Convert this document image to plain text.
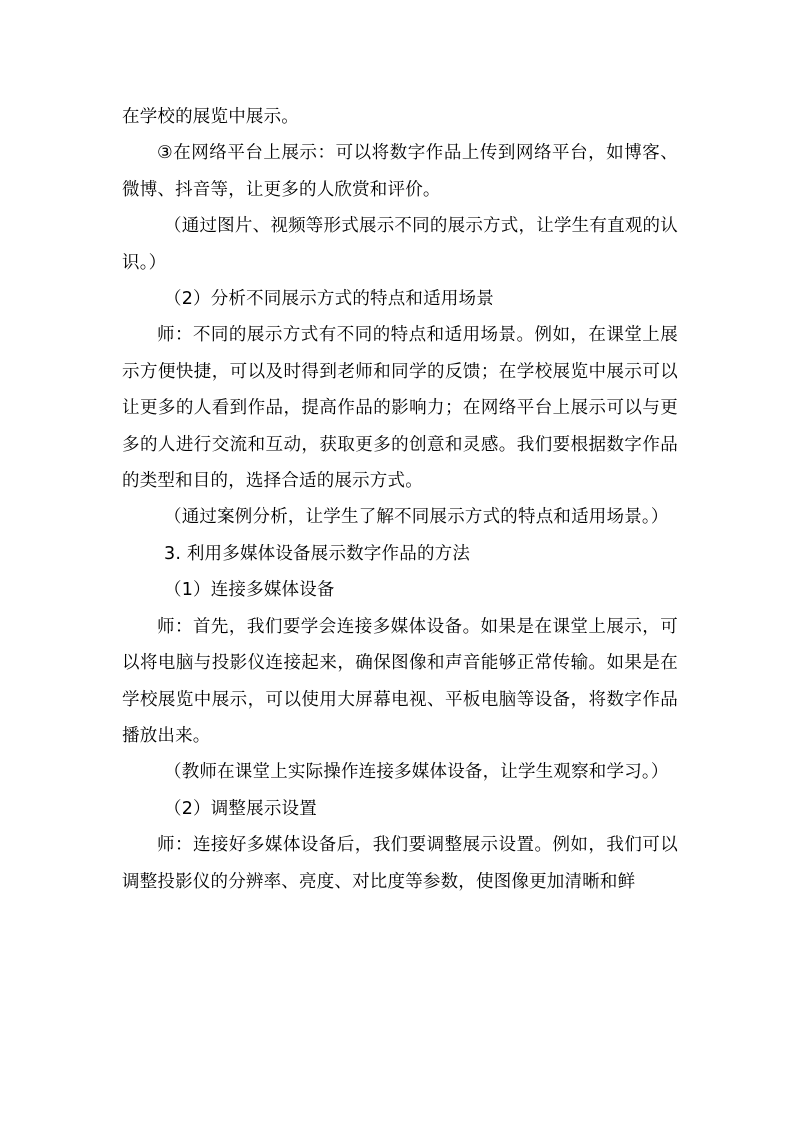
在学校的展览中展示。

③在网络平台上展示：可以将数字作品上传到网络平台，如博客、微博、抖音等，让更多的人欣赏和评价。

（通过图片、视频等形式展示不同的展示方式，让学生有直观的认识。）

（2）分析不同展示方式的特点和适用场景

师：不同的展示方式有不同的特点和适用场景。例如，在课堂上展示方便快捷，可以及时得到老师和同学的反馈；在学校展览中展示可以让更多的人看到作品，提高作品的影响力；在网络平台上展示可以与更多的人进行交流和互动，获取更多的创意和灵感。我们要根据数字作品的类型和目的，选择合适的展示方式。

（通过案例分析，让学生了解不同展示方式的特点和适用场景。）

3. 利用多媒体设备展示数字作品的方法

（1）连接多媒体设备

师：首先，我们要学会连接多媒体设备。如果是在课堂上展示，可以将电脑与投影仪连接起来，确保图像和声音能够正常传输。如果是在学校展览中展示，可以使用大屏幕电视、平板电脑等设备，将数字作品播放出来。

（教师在课堂上实际操作连接多媒体设备，让学生观察和学习。）

（2）调整展示设置

师：连接好多媒体设备后，我们要调整展示设置。例如，我们可以调整投影仪的分辨率、亮度、对比度等参数，使图像更加清晰和鲜
